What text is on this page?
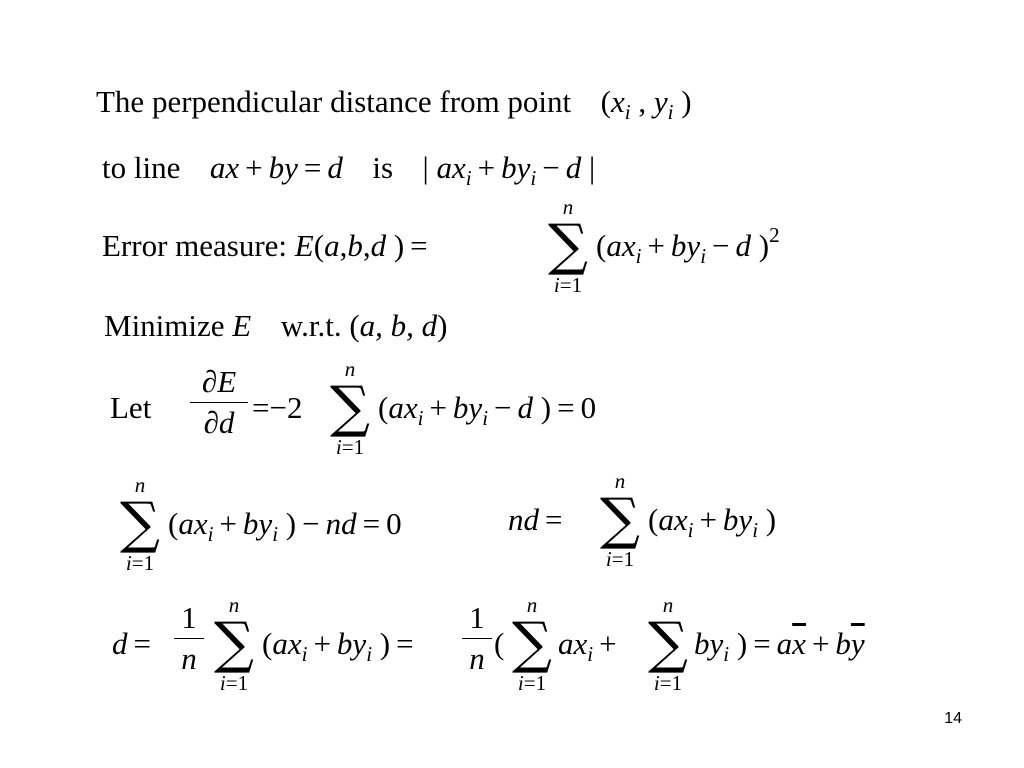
The perpendicular distance from point ($x_i$ , $y_i$ )
to line ax + by = d is | $ax_i + by_i - d$ |
Error measure: E(a,b,d ) =
n
∑
i=1
($ax_i + by_i - d$ )$^2$
Minimize E w.r.t. (a, b, d)
Let
∂E
∂d =−2
n
∑
i=1
($ax_i + by_i - d$ ) = 0
n
∑
i=1
($ax_i + by_i$ ) − nd = 0	nd =
n
∑
i=1
($ax_i + by_i$ )
d =
1
n
n
∑
i=1
($ax_i + by_i$ ) =
1
n (
n
∑
i=1
$ax_i$ +
n
∑
i=1
$by_i$ ) = $a\overline{x} + b\overline{y}$
14
